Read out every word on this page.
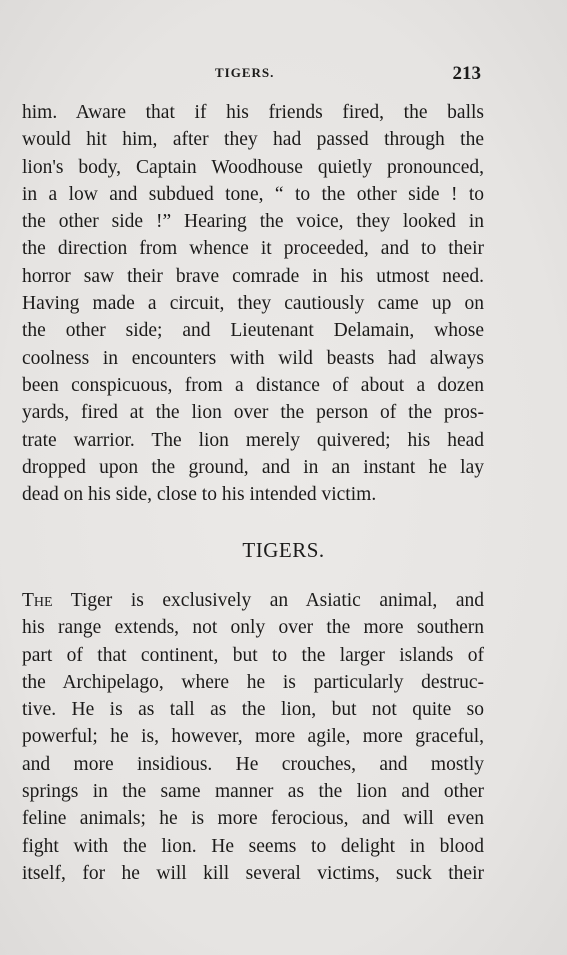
TIGERS.	213
him. Aware that if his friends fired, the balls
would hit him, after they had passed through the
lion's body, Captain Woodhouse quietly pronounced,
in a low and subdued tone, “ to the other side ! to
the other side !” Hearing the voice, they looked in
the direction from whence it proceeded, and to their
horror saw their brave comrade in his utmost need.
Having made a circuit, they cautiously came up on
the other side; and Lieutenant Delamain, whose
coolness in encounters with wild beasts had always
been conspicuous, from a distance of about a dozen
yards, fired at the lion over the person of the pros-
trate warrior. The lion merely quivered; his head
dropped upon the ground, and in an instant he lay
dead on his side, close to his intended victim.
TIGERS.
The Tiger is exclusively an Asiatic animal, and
his range extends, not only over the more southern
part of that continent, but to the larger islands of
the Archipelago, where he is particularly destruc-
tive. He is as tall as the lion, but not quite so
powerful; he is, however, more agile, more graceful,
and more insidious. He crouches, and mostly
springs in the same manner as the lion and other
feline animals; he is more ferocious, and will even
fight with the lion. He seems to delight in blood
itself, for he will kill several victims, suck their
